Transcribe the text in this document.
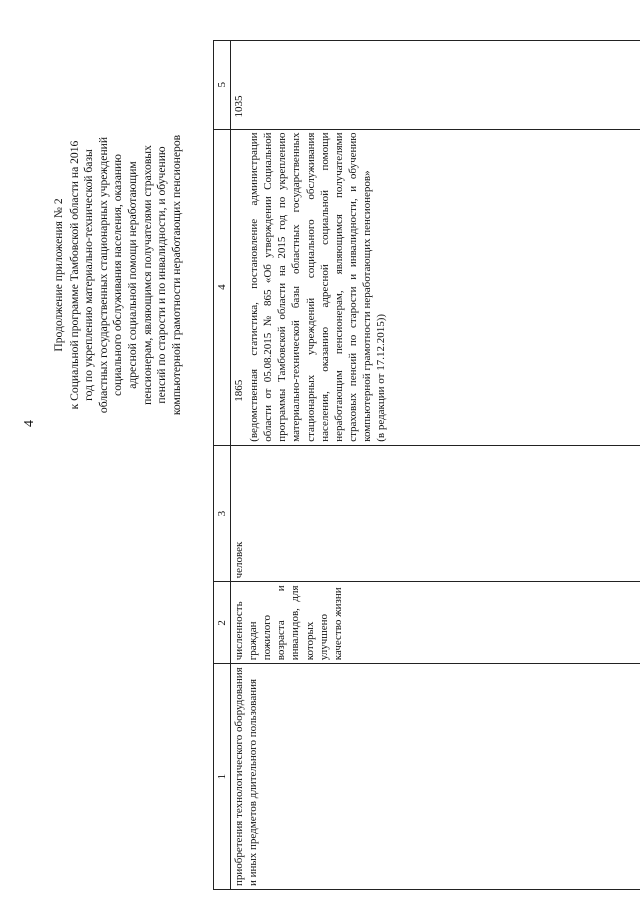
4
Продолжение приложения № 2 к Социальной программе Тамбовской области на 2016 год по укреплению материально-технической базы областных государственных стационарных учреждений социального обслуживания населения, оказанию адресной социальной помощи неработающим пенсионерам, являющимся получателями страховых пенсий по старости и по инвалидности, и обучению компьютерной грамотности неработающих пенсионеров
1	2	3	4	5
приобретения технологического оборудования и иных предметов длительного пользования	численность граждан пожилого возраста и инвалидов, для которых улучшено качество жизни	человек	1865 (ведомственная статистика, постановление администрации области от 05.08.2015 № 865 «Об утверждении Социальной программы Тамбовской области на 2015 год по укреплению материально-технической базы областных государственных стационарных учреждений социального обслуживания населения, оказанию адресной социальной помощи неработающим пенсионерам, являющимся получателями страховых пенсий по старости и инвалидности, и обучению компьютерной грамотности неработающих пенсионеров» (в редакции от 17.12.2015))	1035
